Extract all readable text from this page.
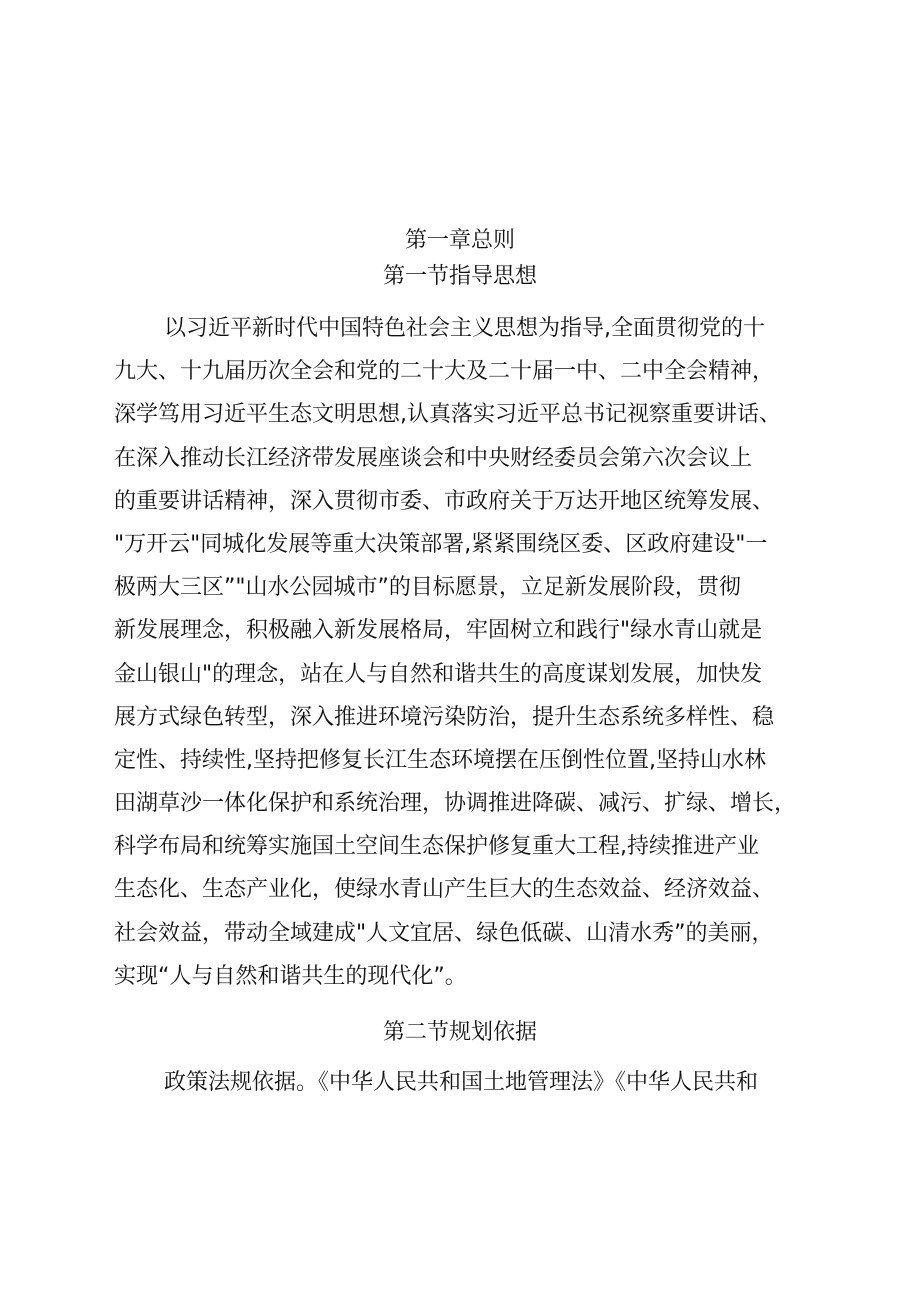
第一章总则
第一节指导思想
以习近平新时代中国特色社会主义思想为指导,全面贯彻党的十
九大、十九届历次全会和党的二十大及二十届一中、二中全会精神，
深学笃用习近平生态文明思想,认真落实习近平总书记视察重要讲话、
在深入推动长江经济带发展座谈会和中央财经委员会第六次会议上
的重要讲话精神，深入贯彻市委、市政府关于万达开地区统筹发展、
"万开云"同城化发展等重大决策部署,紧紧围绕区委、区政府建设"一
极两大三区”"山水公园城市”的目标愿景，立足新发展阶段，贯彻
新发展理念，积极融入新发展格局，牢固树立和践行"绿水青山就是
金山银山"的理念，站在人与自然和谐共生的高度谋划发展，加快发
展方式绿色转型，深入推进环境污染防治，提升生态系统多样性、稳
定性、持续性,坚持把修复长江生态环境摆在压倒性位置,坚持山水林
田湖草沙一体化保护和系统治理，协调推进降碳、减污、扩绿、增长，
科学布局和统筹实施国土空间生态保护修复重大工程,持续推进产业
生态化、生态产业化，使绿水青山产生巨大的生态效益、经济效益、
社会效益，带动全域建成"人文宜居、绿色低碳、山清水秀”的美丽，
实现“人与自然和谐共生的现代化”。
第二节规划依据
政策法规依据。《中华人民共和国土地管理法》《中华人民共和
